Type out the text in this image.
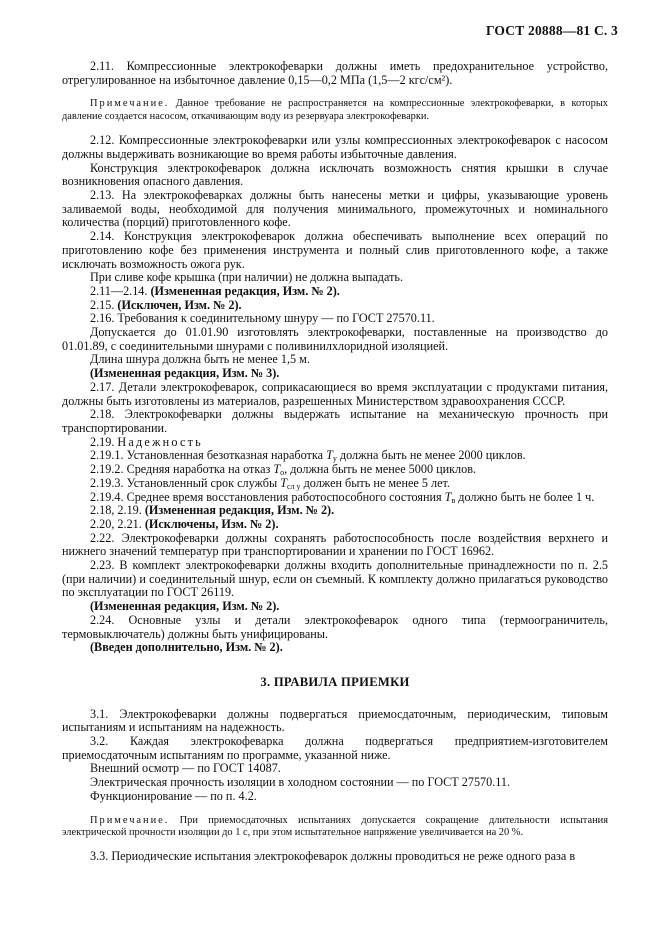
ГОСТ 20888—81 С. 3

2.11. Компрессионные электрокофеварки должны иметь предохранительное устройство, отрегулированное на избыточное давление 0,15—0,2 МПа (1,5—2 кгс/см²).

Примечание. Данное требование не распространяется на компрессионные электрокофеварки, в которых давление создается насосом, откачивающим воду из резервуара электрокофеварки.

2.12. Компрессионные электрокофеварки или узлы компрессионных электрокофеварок с насосом должны выдерживать возникающие во время работы избыточные давления.

Конструкция электрокофеварок должна исключать возможность снятия крышки в случае возникновения опасного давления.

2.13. На электрокофеварках должны быть нанесены метки и цифры, указывающие уровень заливаемой воды, необходимой для получения минимального, промежуточных и номинального количества (порций) приготовленного кофе.

2.14. Конструкция электрокофеварок должна обеспечивать выполнение всех операций по приготовлению кофе без применения инструмента и полный слив приготовленного кофе, а также исключать возможность ожога рук.

При сливе кофе крышка (при наличии) не должна выпадать.

2.11—2.14. (Измененная редакция, Изм. № 2).

2.15. (Исключен, Изм. № 2).

2.16. Требования к соединительному шнуру — по ГОСТ 27570.11.

Допускается до 01.01.90 изготовлять электрокофеварки, поставленные на производство до 01.01.89, с соединительными шнурами с поливинилхлоридной изоляцией.

Длина шнура должна быть не менее 1,5 м.

(Измененная редакция, Изм. № 3).

2.17. Детали электрокофеварок, соприкасающиеся во время эксплуатации с продуктами питания, должны быть изготовлены из материалов, разрешенных Министерством здравоохранения СССР.

2.18. Электрокофеварки должны выдержать испытание на механическую прочность при транспортировании.

2.19. Надежность

2.19.1. Установленная безотказная наработка $T_у$ должна быть не менее 2000 циклов.

2.19.2. Средняя наработка на отказ $T_o$, должна быть не менее 5000 циклов.

2.19.3. Установленный срок службы $T_{сл у}$ должен быть не менее 5 лет.

2.19.4. Среднее время восстановления работоспособного состояния $T_в$ должно быть не более 1 ч.

2.18, 2.19. (Измененная редакция, Изм. № 2).

2.20, 2.21. (Исключены, Изм. № 2).

2.22. Электрокофеварки должны сохранять работоспособность после воздействия верхнего и нижнего значений температур при транспортировании и хранении по ГОСТ 16962.

2.23. В комплект электрокофеварки должны входить дополнительные принадлежности по п. 2.5 (при наличии) и соединительный шнур, если он съемный. К комплекту должно прилагаться руководство по эксплуатации по ГОСТ 26119.

(Измененная редакция, Изм. № 2).

2.24. Основные узлы и детали электрокофеварок одного типа (термоограничитель, термовыключатель) должны быть унифицированы.

(Введен дополнительно, Изм. № 2).

3. ПРАВИЛА ПРИЕМКИ

3.1. Электрокофеварки должны подвергаться приемосдаточным, периодическим, типовым испытаниям и испытаниям на надежность.

3.2. Каждая электрокофеварка должна подвергаться предприятием-изготовителем приемосдаточным испытаниям по программе, указанной ниже.

Внешний осмотр — по ГОСТ 14087.

Электрическая прочность изоляции в холодном состоянии — по ГОСТ 27570.11.

Функционирование — по п. 4.2.

Примечание. При приемосдаточных испытаниях допускается сокращение длительности испытания электрической прочности изоляции до 1 с, при этом испытательное напряжение увеличивается на 20 %.

3.3. Периодические испытания электрокофеварок должны проводиться не реже одного раза в
